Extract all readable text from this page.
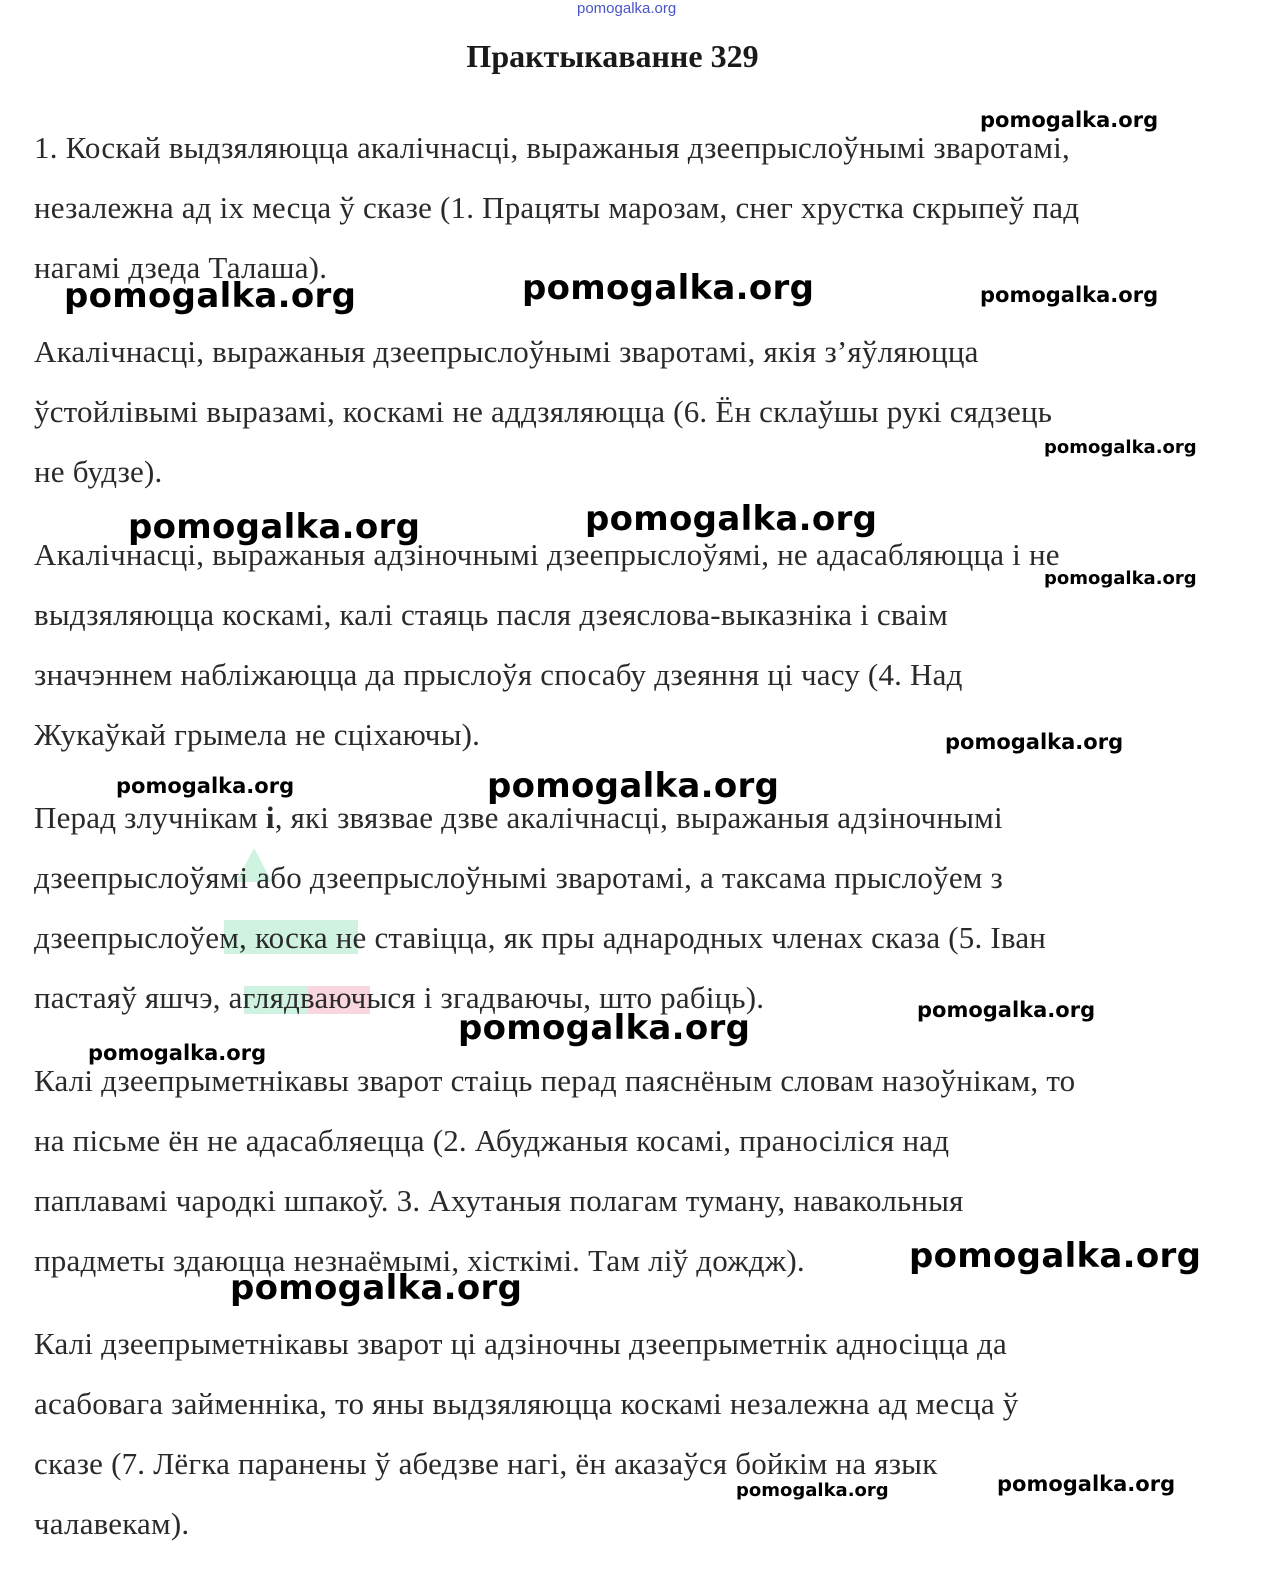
pomogalka.org
Практыкаванне 329

1. Коскай выдзяляюцца акалічнасці, выражаныя дзеепрыслоўнымі зваротамі,
незалежна ад іх месца ў сказе (1. Працяты марозам, снег хрустка скрыпеў пад
нагамі дзеда Талаша).

Акалічнасці, выражаныя дзеепрыслоўнымі зваротамі, якія з’яўляюцца
ўстойлівымі выразамі, коскамі не аддзяляюцца (6. Ён склаўшы рукі сядзець
не будзе).

Акалічнасці, выражаныя адзіночнымі дзеепрыслоўямі, не адасабляюцца і не
выдзяляюцца коскамі, калі стаяць пасля дзеяслова-выказніка і сваім
значэннем набліжаюцца да прыслоўя спосабу дзеяння ці часу (4. Над
Жукаўкай грымела не сціхаючы).

Перад злучнікам і, які звязвае дзве акалічнасці, выражаныя адзіночнымі
дзеепрыслоўямі або дзеепрыслоўнымі зваротамі, а таксама прыслоўем з
дзеепрыслоўем, коска не ставіцца, як пры аднародных членах сказа (5. Іван
пастаяў яшчэ, аглядваючыся і згадваючы, што рабіць).

Калі дзеепрыметнікавы зварот стаіць перад паяснёным словам назоўнікам, то
на пісьме ён не адасабляецца (2. Абуджаныя косамі, праносіліся над
паплавамі чародкі шпакоў. 3. Ахутаныя полагам туману, навакольныя
прадметы здаюцца незнаёмымі, хісткімі. Там ліў дождж).

Калі дзеепрыметнікавы зварот ці адзіночны дзеепрыметнік адносіцца да
асабовага займенніка, то яны выдзяляюцца коскамі незалежна ад месца ў
сказе (7. Лёгка паранены ў абедзве нагі, ён аказаўся бойкім на язык
чалавекам).

pomogalka.org
pomogalka.org	pomogalka.org	pomogalka.org
pomogalka.org
pomogalka.org	pomogalka.org
pomogalka.org
pomogalka.org
pomogalka.org	pomogalka.org
pomogalka.org
pomogalka.org
pomogalka.org
pomogalka.org
pomogalka.org
pomogalka.org	pomogalka.org
